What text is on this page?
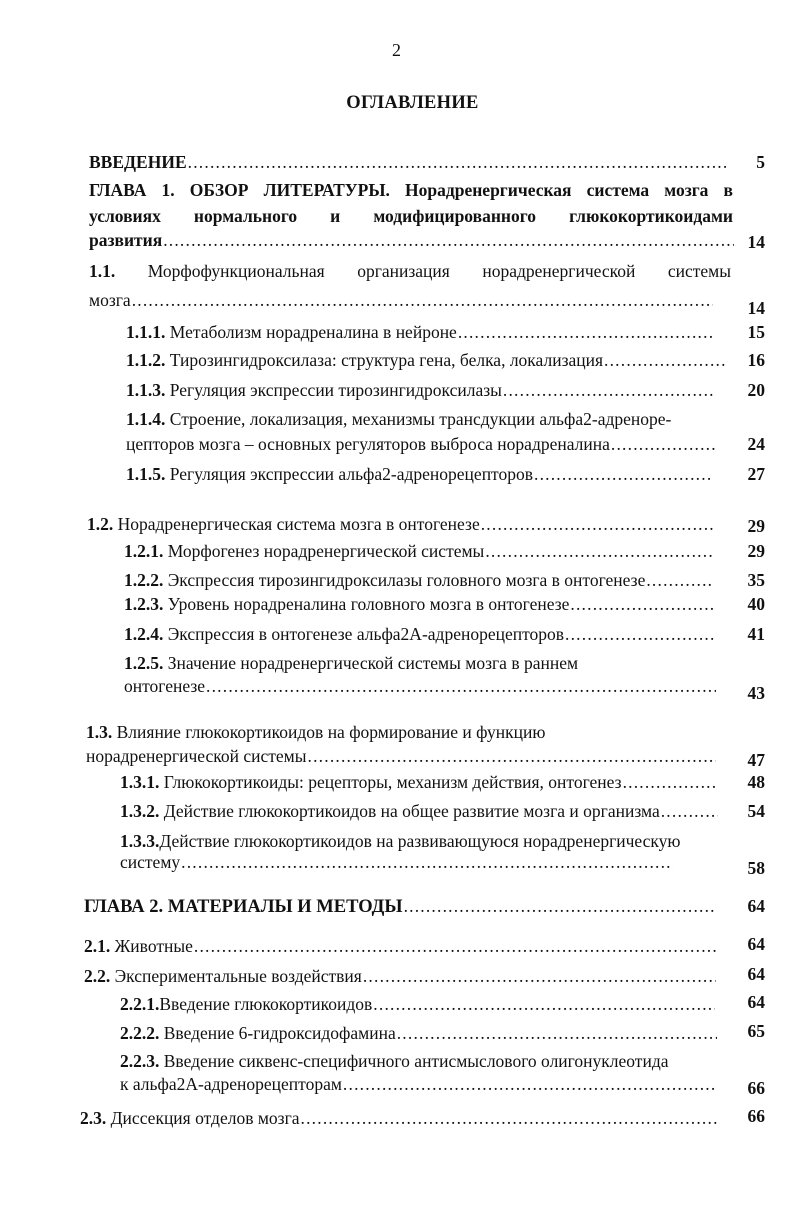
2
ОГЛАВЛЕНИЕ
ВВЕДЕНИЕ .....	5
ГЛАВА 1. ОБЗОР ЛИТЕРАТУРЫ. Норадренергическая система мозга в
условиях нормального и модифицированного глюкокортикоидами
развития .....	14
1.1. Морфофункциональная организация норадренергической системы
мозга .....	14
1.1.1. Метаболизм норадреналина в нейроне .....	15
1.1.2. Тирозингидроксилаза: структура гена, белка, локализация .....	16
1.1.3. Регуляция экспрессии тирозингидроксилазы .....	20
1.1.4. Строение, локализация, механизмы трансдукции альфа2-адреноре-
цепторов мозга – основных регуляторов выброса норадреналина .....	24
1.1.5. Регуляция экспрессии альфа2-адренорецепторов .....	27
1.2. Норадренергическая система мозга в онтогенезе .....	29
1.2.1. Морфогенез норадренергической системы .....	29
1.2.2. Экспрессия тирозингидроксилазы головного мозга в онтогенезе .....	35
1.2.3. Уровень норадреналина головного мозга в онтогенезе .....	40
1.2.4. Экспрессия в онтогенезе альфа2А-адренорецепторов .....	41
1.2.5. Значение норадренергической системы мозга в раннем
онтогенезе .....	43
1.3. Влияние глюкокортикоидов на формирование и функцию
норадренергической системы .....	47
1.3.1. Глюкокортикоиды: рецепторы, механизм действия, онтогенез .....	48
1.3.2. Действие глюкокортикоидов на общее развитие мозга и организма .....	54
1.3.3.Действие глюкокортикоидов на развивающуюся норадренергическую
систему .....	58
ГЛАВА 2. МАТЕРИАЛЫ И МЕТОДЫ .....	64
2.1. Животные .....	64
2.2. Экспериментальные воздействия .....	64
2.2.1.Введение глюкокортикоидов .....	64
2.2.2. Введение 6-гидроксидофамина .....	65
2.2.3. Введение сиквенс-специфичного антисмыслового олигонуклеотида
к альфа2А-адренорецепторам .....	66
2.3. Диссекция отделов мозга .....	66
